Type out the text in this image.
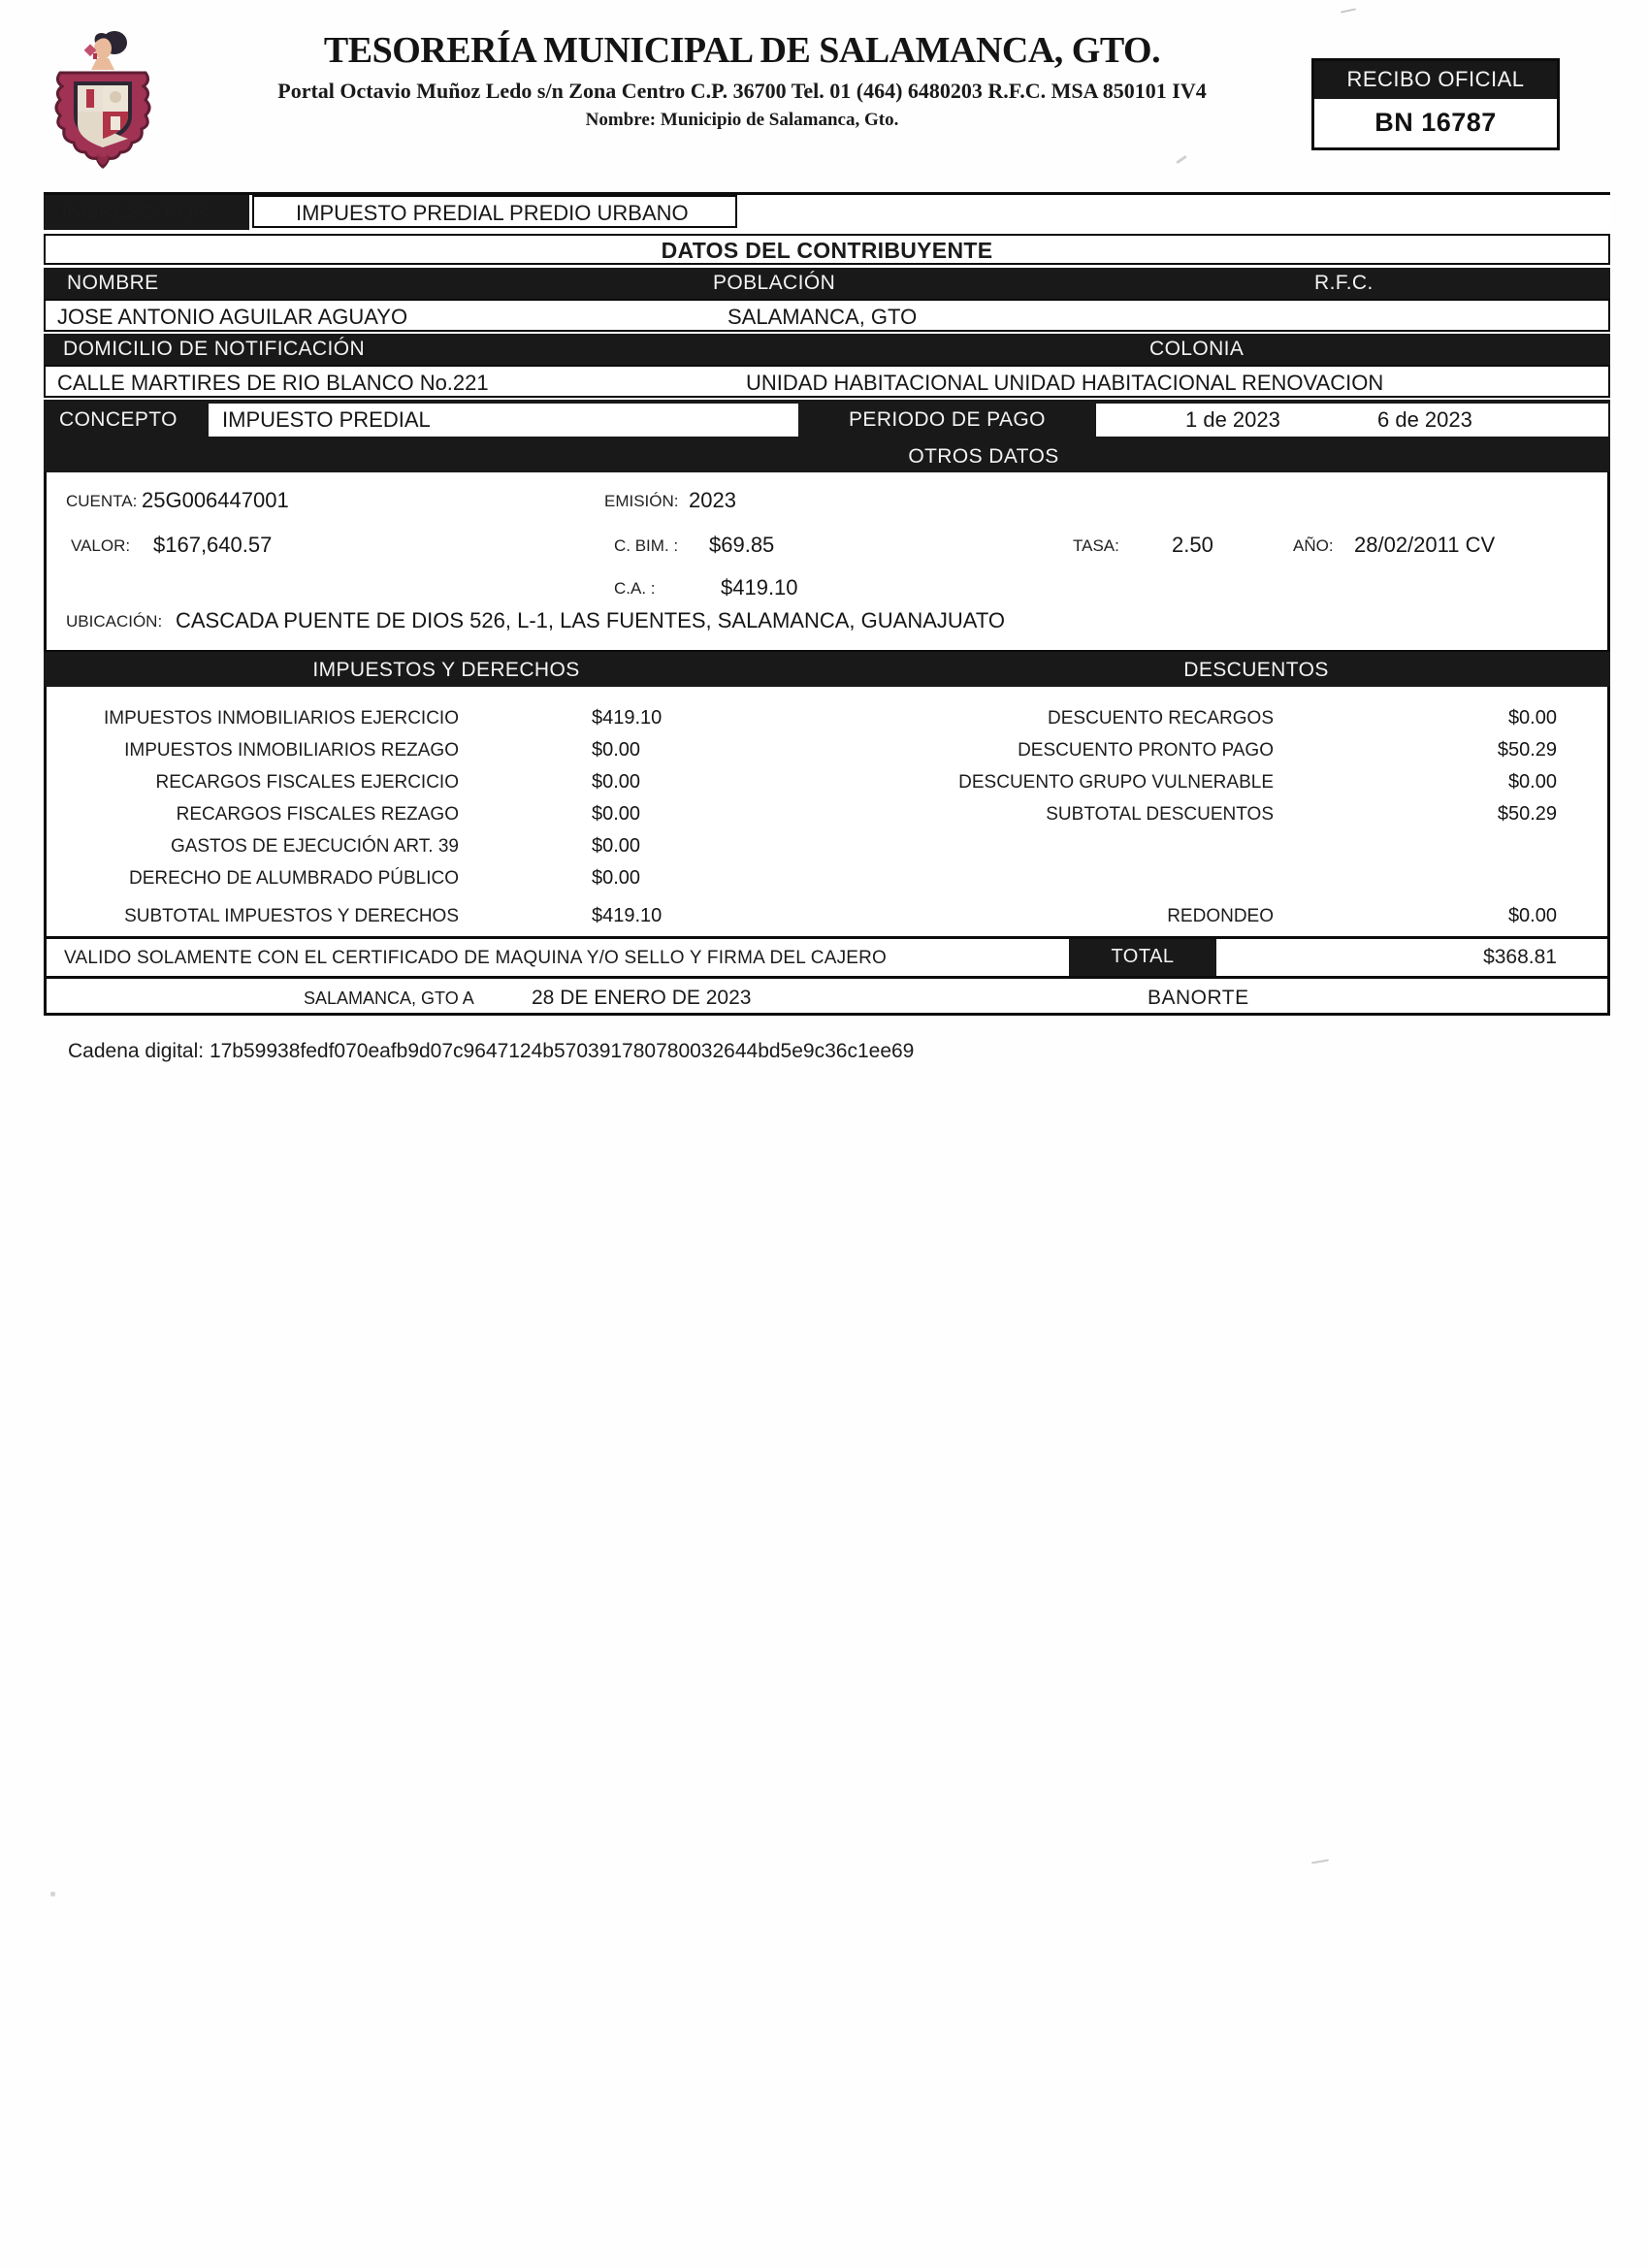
TESORERÍA MUNICIPAL DE SALAMANCA, GTO.
Portal Octavio Muñoz Ledo s/n Zona Centro C.P. 36700 Tel. 01 (464) 6480203 R.F.C. MSA 850101 IV4
Nombre: Municipio de Salamanca, Gto.
RECIBO OFICIAL
BN 16787
INGRESO POR	IMPUESTO PREDIAL PREDIO URBANO
DATOS DEL CONTRIBUYENTE
NOMBRE	POBLACIÓN	R.F.C.
JOSE ANTONIO AGUILAR AGUAYO	SALAMANCA, GTO
DOMICILIO DE NOTIFICACIÓN	COLONIA
CALLE MARTIRES DE RIO BLANCO No.221	UNIDAD HABITACIONAL UNIDAD HABITACIONAL RENOVACION
CONCEPTO IMPUESTO PREDIAL	PERIODO DE PAGO	1 de 2023	6 de 2023
OTROS DATOS
CUENTA: 25G006447001	EMISIÓN: 2023
VALOR: $167,640.57	C. BIM. : $69.85	TASA: 2.50	AÑO: 28/02/2011 CV
C.A. :	$419.10
UBICACIÓN: CASCADA PUENTE DE DIOS 526, L-1, LAS FUENTES, SALAMANCA, GUANAJUATO
IMPUESTOS Y DERECHOS	DESCUENTOS
IMPUESTOS INMOBILIARIOS EJERCICIO	$419.10
IMPUESTOS INMOBILIARIOS REZAGO	$0.00
RECARGOS FISCALES EJERCICIO	$0.00
RECARGOS FISCALES REZAGO	$0.00
GASTOS DE EJECUCIÓN ART. 39	$0.00
DERECHO DE ALUMBRADO PÚBLICO	$0.00
SUBTOTAL IMPUESTOS Y DERECHOS	$419.10
DESCUENTO RECARGOS	$0.00
DESCUENTO PRONTO PAGO	$50.29
DESCUENTO GRUPO VULNERABLE	$0.00
SUBTOTAL DESCUENTOS	$50.29
REDONDEO	$0.00
VALIDO SOLAMENTE CON EL CERTIFICADO DE MAQUINA Y/O SELLO Y FIRMA DEL CAJERO	TOTAL	$368.81
SALAMANCA, GTO A	28 DE ENERO DE 2023	BANORTE
Cadena digital: 17b59938fedf070eafb9d07c9647124b570391780780032644bd5e9c36c1ee69
